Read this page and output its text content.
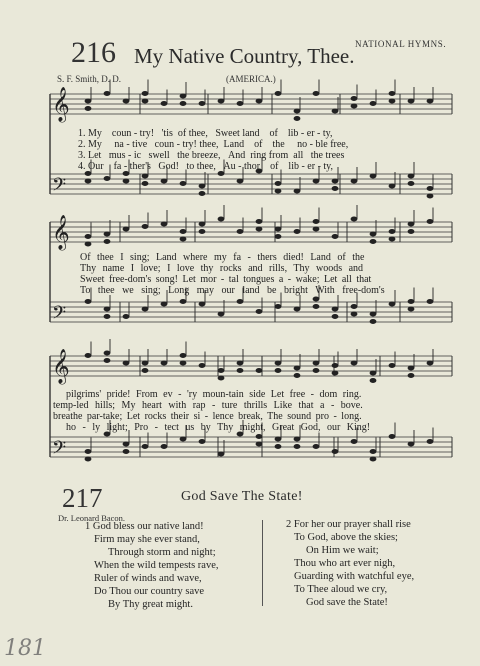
216 My Native Country, Thee. NATIONAL HYMNS.
S. F. Smith, D. D.	(AMERICA.)
𝄞
𝄢
𝄞
𝄢
𝄞
𝄢
1. My coun - try! 'tis of thee, Sweet land of lib - er - ty,
2. My na - tive coun - try! thee, Land of the no - ble free,
3. Let mus - ic swell the breeze, And ring from all the trees
4. Our fa - ther's God! to thee, Au - thor of lib - er - ty,
Of thee I sing; Land where my fa - thers died! Land of the
Thy name I love; I love thy rocks and rills, Thy woods and
Sweet free-dom's song! Let mor - tal tongues a - wake; Let all that
To thee we sing; Long may our land be bright With free-dom's
pilgrims' pride! From ev - 'ry moun-tain side Let free - dom ring.
temp-led hills; My heart with rap - ture thrills Like that a - bove.
breathe par-take; Let rocks their si - lence break, The sound pro - long.
ho - ly light; Pro - tect us by Thy might, Great God, our King!
217	God Save The State!
Dr. Leonard Bacon.
1 God bless our native land!
Firm may she ever stand,
Through storm and night;
When the wild tempests rave,
Ruler of winds and wave,
Do Thou our country save
By Thy great might.
2 For her our prayer shall rise
To God, above the skies;
On Him we wait;
Thou who art ever nigh,
Guarding with watchful eye,
To Thee aloud we cry,
God save the State!
181
